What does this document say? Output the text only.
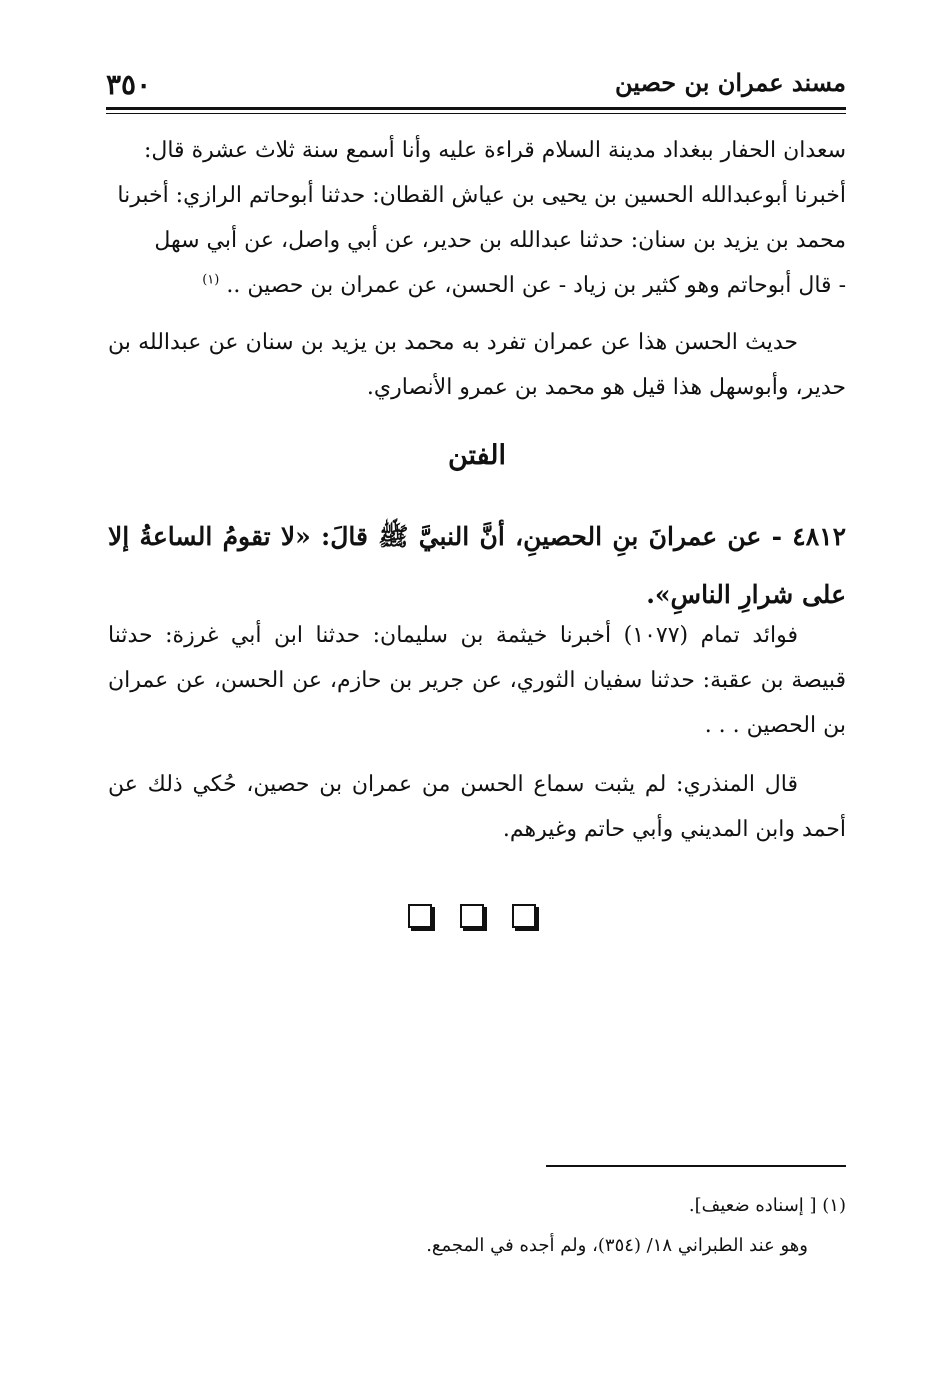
مسند عمران بن حصين
٣٥٠

سعدان الحفار ببغداد مدينة السلام قراءة عليه وأنا أسمع سنة ثلاث عشرة قال:

أخبرنا أبوعبدالله الحسين بن يحيى بن عياش القطان: حدثنا أبوحاتم الرازي: أخبرنا

محمد بن يزيد بن سنان: حدثنا عبدالله بن حدير، عن أبي واصل، عن أبي سهل

- قال أبوحاتم وهو كثير بن زياد - عن الحسن، عن عمران بن حصين .. $^{(١)}$

حديث الحسن هذا عن عمران تفرد به محمد بن يزيد بن سنان عن عبدالله بن حدير، وأبوسهل هذا قيل هو محمد بن عمرو الأنصاري.

الفتن

٤٨١٢ - عن عمرانَ بنِ الحصينِ، أنَّ النبيَّ ﷺ قالَ: «لا تقومُ الساعةُ إلا على شرارِ الناسِ».

فوائد تمام (١٠٧٧) أخبرنا خيثمة بن سليمان: حدثنا ابن أبي غرزة: حدثنا قبيصة بن عقبة: حدثنا سفيان الثوري، عن جرير بن حازم، عن الحسن، عن عمران بن الحصين . . .

قال المنذري: لم يثبت سماع الحسن من عمران بن حصين، حُكي ذلك عن أحمد وابن المديني وأبي حاتم وغيرهم.

(١) [ إسناده ضعيف].

وهو عند الطبراني ١٨/ (٣٥٤)، ولم أجده في المجمع.
